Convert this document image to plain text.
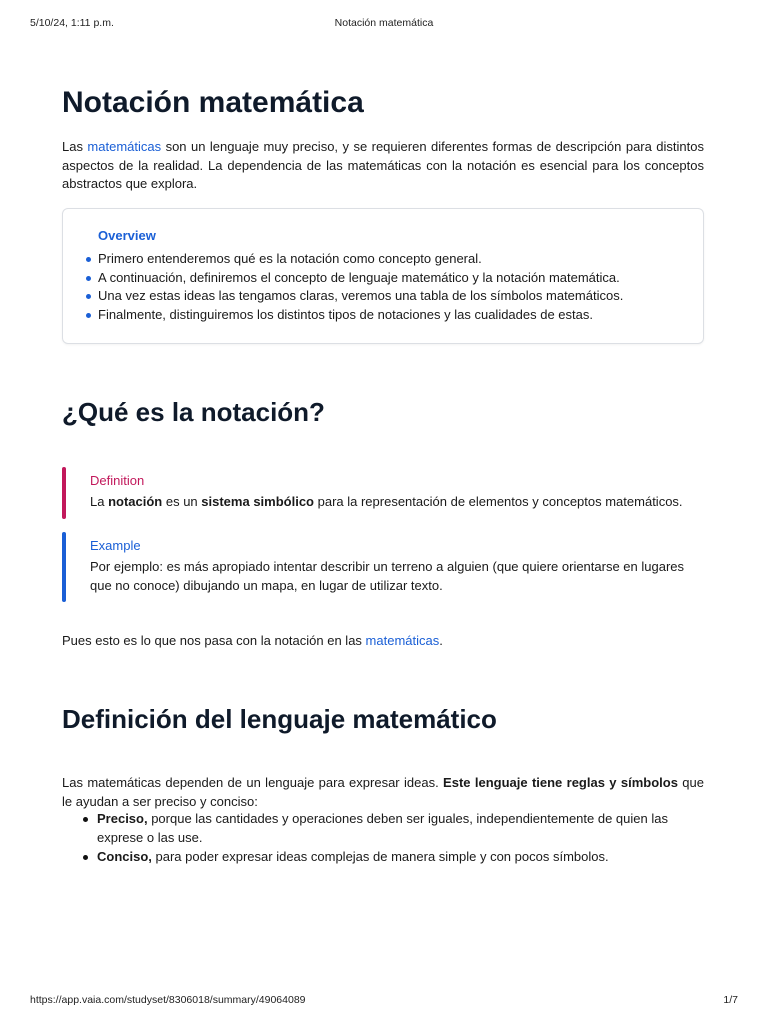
5/10/24, 1:11 p.m.	Notación matemática
Notación matemática

Las matemáticas son un lenguaje muy preciso, y se requieren diferentes formas de descripción para distintos aspectos de la realidad. La dependencia de las matemáticas con la notación es esencial para los conceptos abstractos que explora.

Overview
Primero entenderemos qué es la notación como concepto general.
A continuación, definiremos el concepto de lenguaje matemático y la notación matemática.
Una vez estas ideas las tengamos claras, veremos una tabla de los símbolos matemáticos.
Finalmente, distinguiremos los distintos tipos de notaciones y las cualidades de estas.
¿Qué es la notación?
Definition
La notación es un sistema simbólico para la representación de elementos y conceptos matemáticos.
Example
Por ejemplo: es más apropiado intentar describir un terreno a alguien (que quiere orientarse en lugares que no conoce) dibujando un mapa, en lugar de utilizar texto.

Pues esto es lo que nos pasa con la notación en las matemáticas.

Definición del lenguaje matemático

Las matemáticas dependen de un lenguaje para expresar ideas. Este lenguaje tiene reglas y símbolos que le ayudan a ser preciso y conciso:

Preciso, porque las cantidades y operaciones deben ser iguales, independientemente de quien las exprese o las use.
Conciso, para poder expresar ideas complejas de manera simple y con pocos símbolos.
https://app.vaia.com/studyset/8306018/summary/49064089	1/7
